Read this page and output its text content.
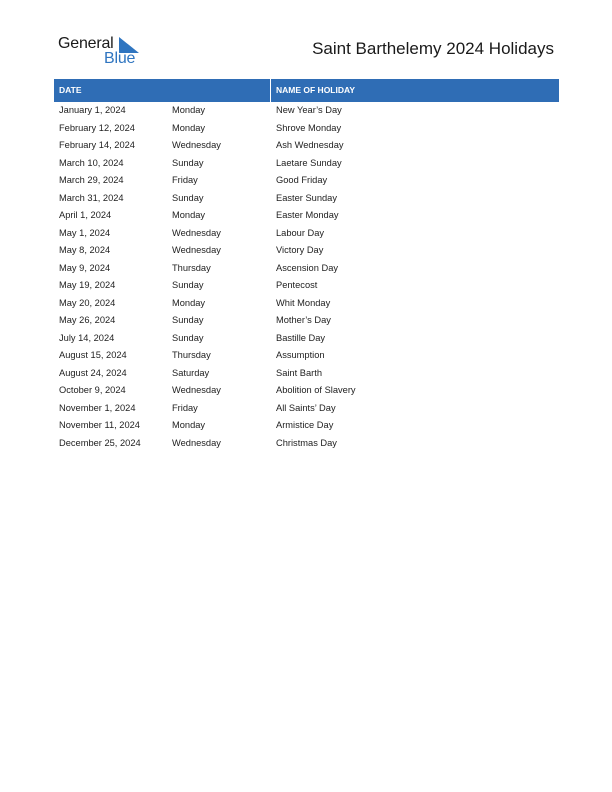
General
Blue
Saint Barthelemy 2024 Holidays
DATE	NAME OF HOLIDAY
January 1, 2024	Monday	New Year’s Day
February 12, 2024	Monday	Shrove Monday
February 14, 2024	Wednesday	Ash Wednesday
March 10, 2024	Sunday	Laetare Sunday
March 29, 2024	Friday	Good Friday
March 31, 2024	Sunday	Easter Sunday
April 1, 2024	Monday	Easter Monday
May 1, 2024	Wednesday	Labour Day
May 8, 2024	Wednesday	Victory Day
May 9, 2024	Thursday	Ascension Day
May 19, 2024	Sunday	Pentecost
May 20, 2024	Monday	Whit Monday
May 26, 2024	Sunday	Mother’s Day
July 14, 2024	Sunday	Bastille Day
August 15, 2024	Thursday	Assumption
August 24, 2024	Saturday	Saint Barth
October 9, 2024	Wednesday	Abolition of Slavery
November 1, 2024	Friday	All Saints’ Day
November 11, 2024	Monday	Armistice Day
December 25, 2024	Wednesday	Christmas Day
